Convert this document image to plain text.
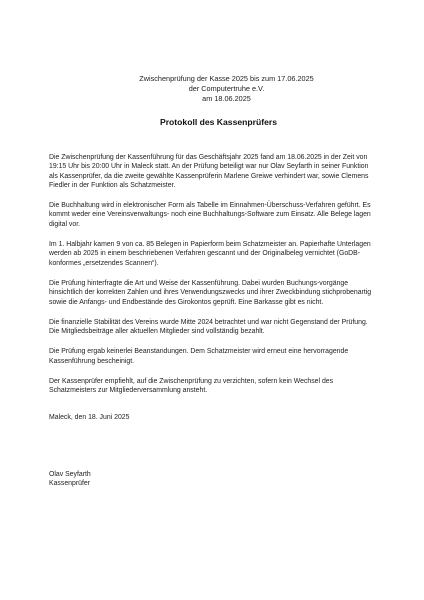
Zwischenprüfung der Kasse 2025 bis zum 17.06.2025
der Computertruhe e.V.
am 18.06.2025
Protokoll des Kassenprüfers

Die Zwischenprüfung der Kassenführung für das Geschäftsjahr 2025 fand am 18.06.2025 in der Zeit von 19:15 Uhr bis 20:00 Uhr in Maleck statt. An der Prüfung beteiligt war nur Olav Seyfarth in seiner Funktion als Kassenprüfer, da die zweite gewählte Kassenprüferin Marlene Greiwe verhindert war, sowie Clemens Fiedler in der Funktion als Schatzmeister.

Die Buchhaltung wird in elektronischer Form als Tabelle im Einnahmen-Überschuss-Verfahren geführt. Es kommt weder eine Vereinsverwaltungs- noch eine Buchhaltungs-Software zum Einsatz. Alle Belege lagen digital vor.

Im 1. Halbjahr kamen 9 von ca. 85 Belegen in Papierform beim Schatzmeister an. Papierhafte Unterlagen werden ab 2025 in einem beschriebenen Verfahren gescannt und der Originalbeleg vernichtet (GoDB-konformes „ersetzendes Scannen“).

Die Prüfung hinterfragte die Art und Weise der Kassenführung. Dabei wurden Buchungs-vorgänge hinsichtlich der korrekten Zahlen und ihres Verwendungszwecks und ihrer Zweckbindung stichprobenartig sowie die Anfangs- und Endbestände des Girokontos geprüft. Eine Barkasse gibt es nicht.

Die finanzielle Stabilität des Vereins wurde Mitte 2024 betrachtet und war nicht Gegenstand der Prüfung. Die Mitgliedsbeiträge aller aktuellen Mitglieder sind vollständig bezahlt.

Die Prüfung ergab keinerlei Beanstandungen. Dem Schatzmeister wird erneut eine hervorragende Kassenführung bescheinigt.

Der Kassenprüfer empfiehlt, auf die Zwischenprüfung zu verzichten, sofern kein Wechsel des Schatzmeisters zur Mitgliederversammlung ansteht.

Maleck, den 18. Juni 2025
Olav Seyfarth
Kassenprüfer
